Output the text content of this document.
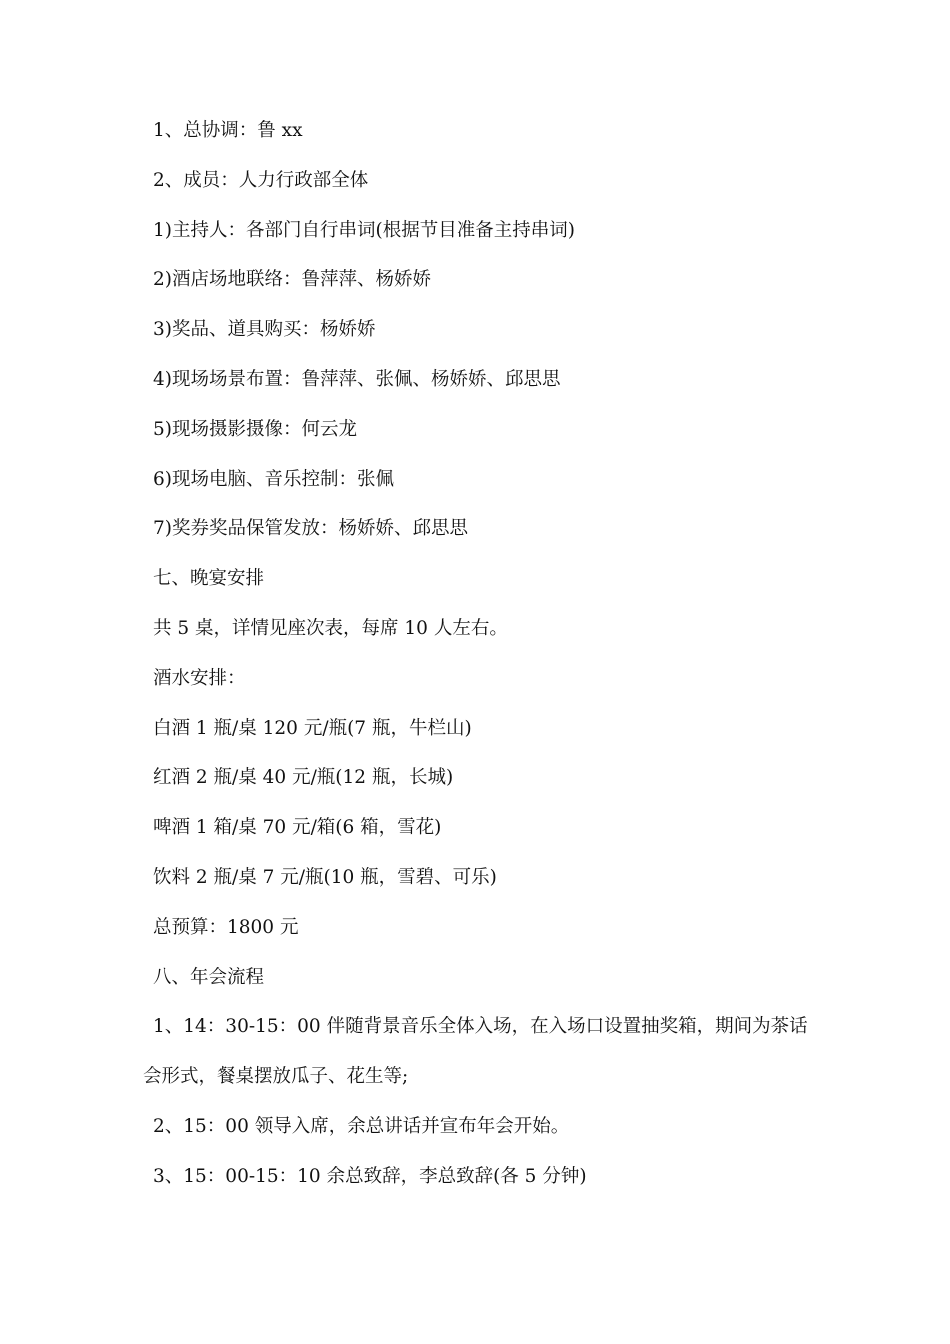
1、总协调：鲁 xx

2、成员：人力行政部全体

1)主持人：各部门自行串词(根据节目准备主持串词)

2)酒店场地联络：鲁萍萍、杨娇娇

3)奖品、道具购买：杨娇娇

4)现场场景布置：鲁萍萍、张佩、杨娇娇、邱思思

5)现场摄影摄像：何云龙

6)现场电脑、音乐控制：张佩

7)奖券奖品保管发放：杨娇娇、邱思思

七、晚宴安排

共 5 桌，详情见座次表，每席 10 人左右。

酒水安排：

白酒 1 瓶/桌 120 元/瓶(7 瓶，牛栏山)

红酒 2 瓶/桌 40 元/瓶(12 瓶，长城)

啤酒 1 箱/桌 70 元/箱(6 箱，雪花)

饮料 2 瓶/桌 7 元/瓶(10 瓶，雪碧、可乐)

总预算：1800 元

八、年会流程

1、14：30-15：00 伴随背景音乐全体入场，在入场口设置抽奖箱，期间为茶话

会形式，餐桌摆放瓜子、花生等;

2、15：00 领导入席，余总讲话并宣布年会开始。

3、15：00-15：10 余总致辞，李总致辞(各 5 分钟)
